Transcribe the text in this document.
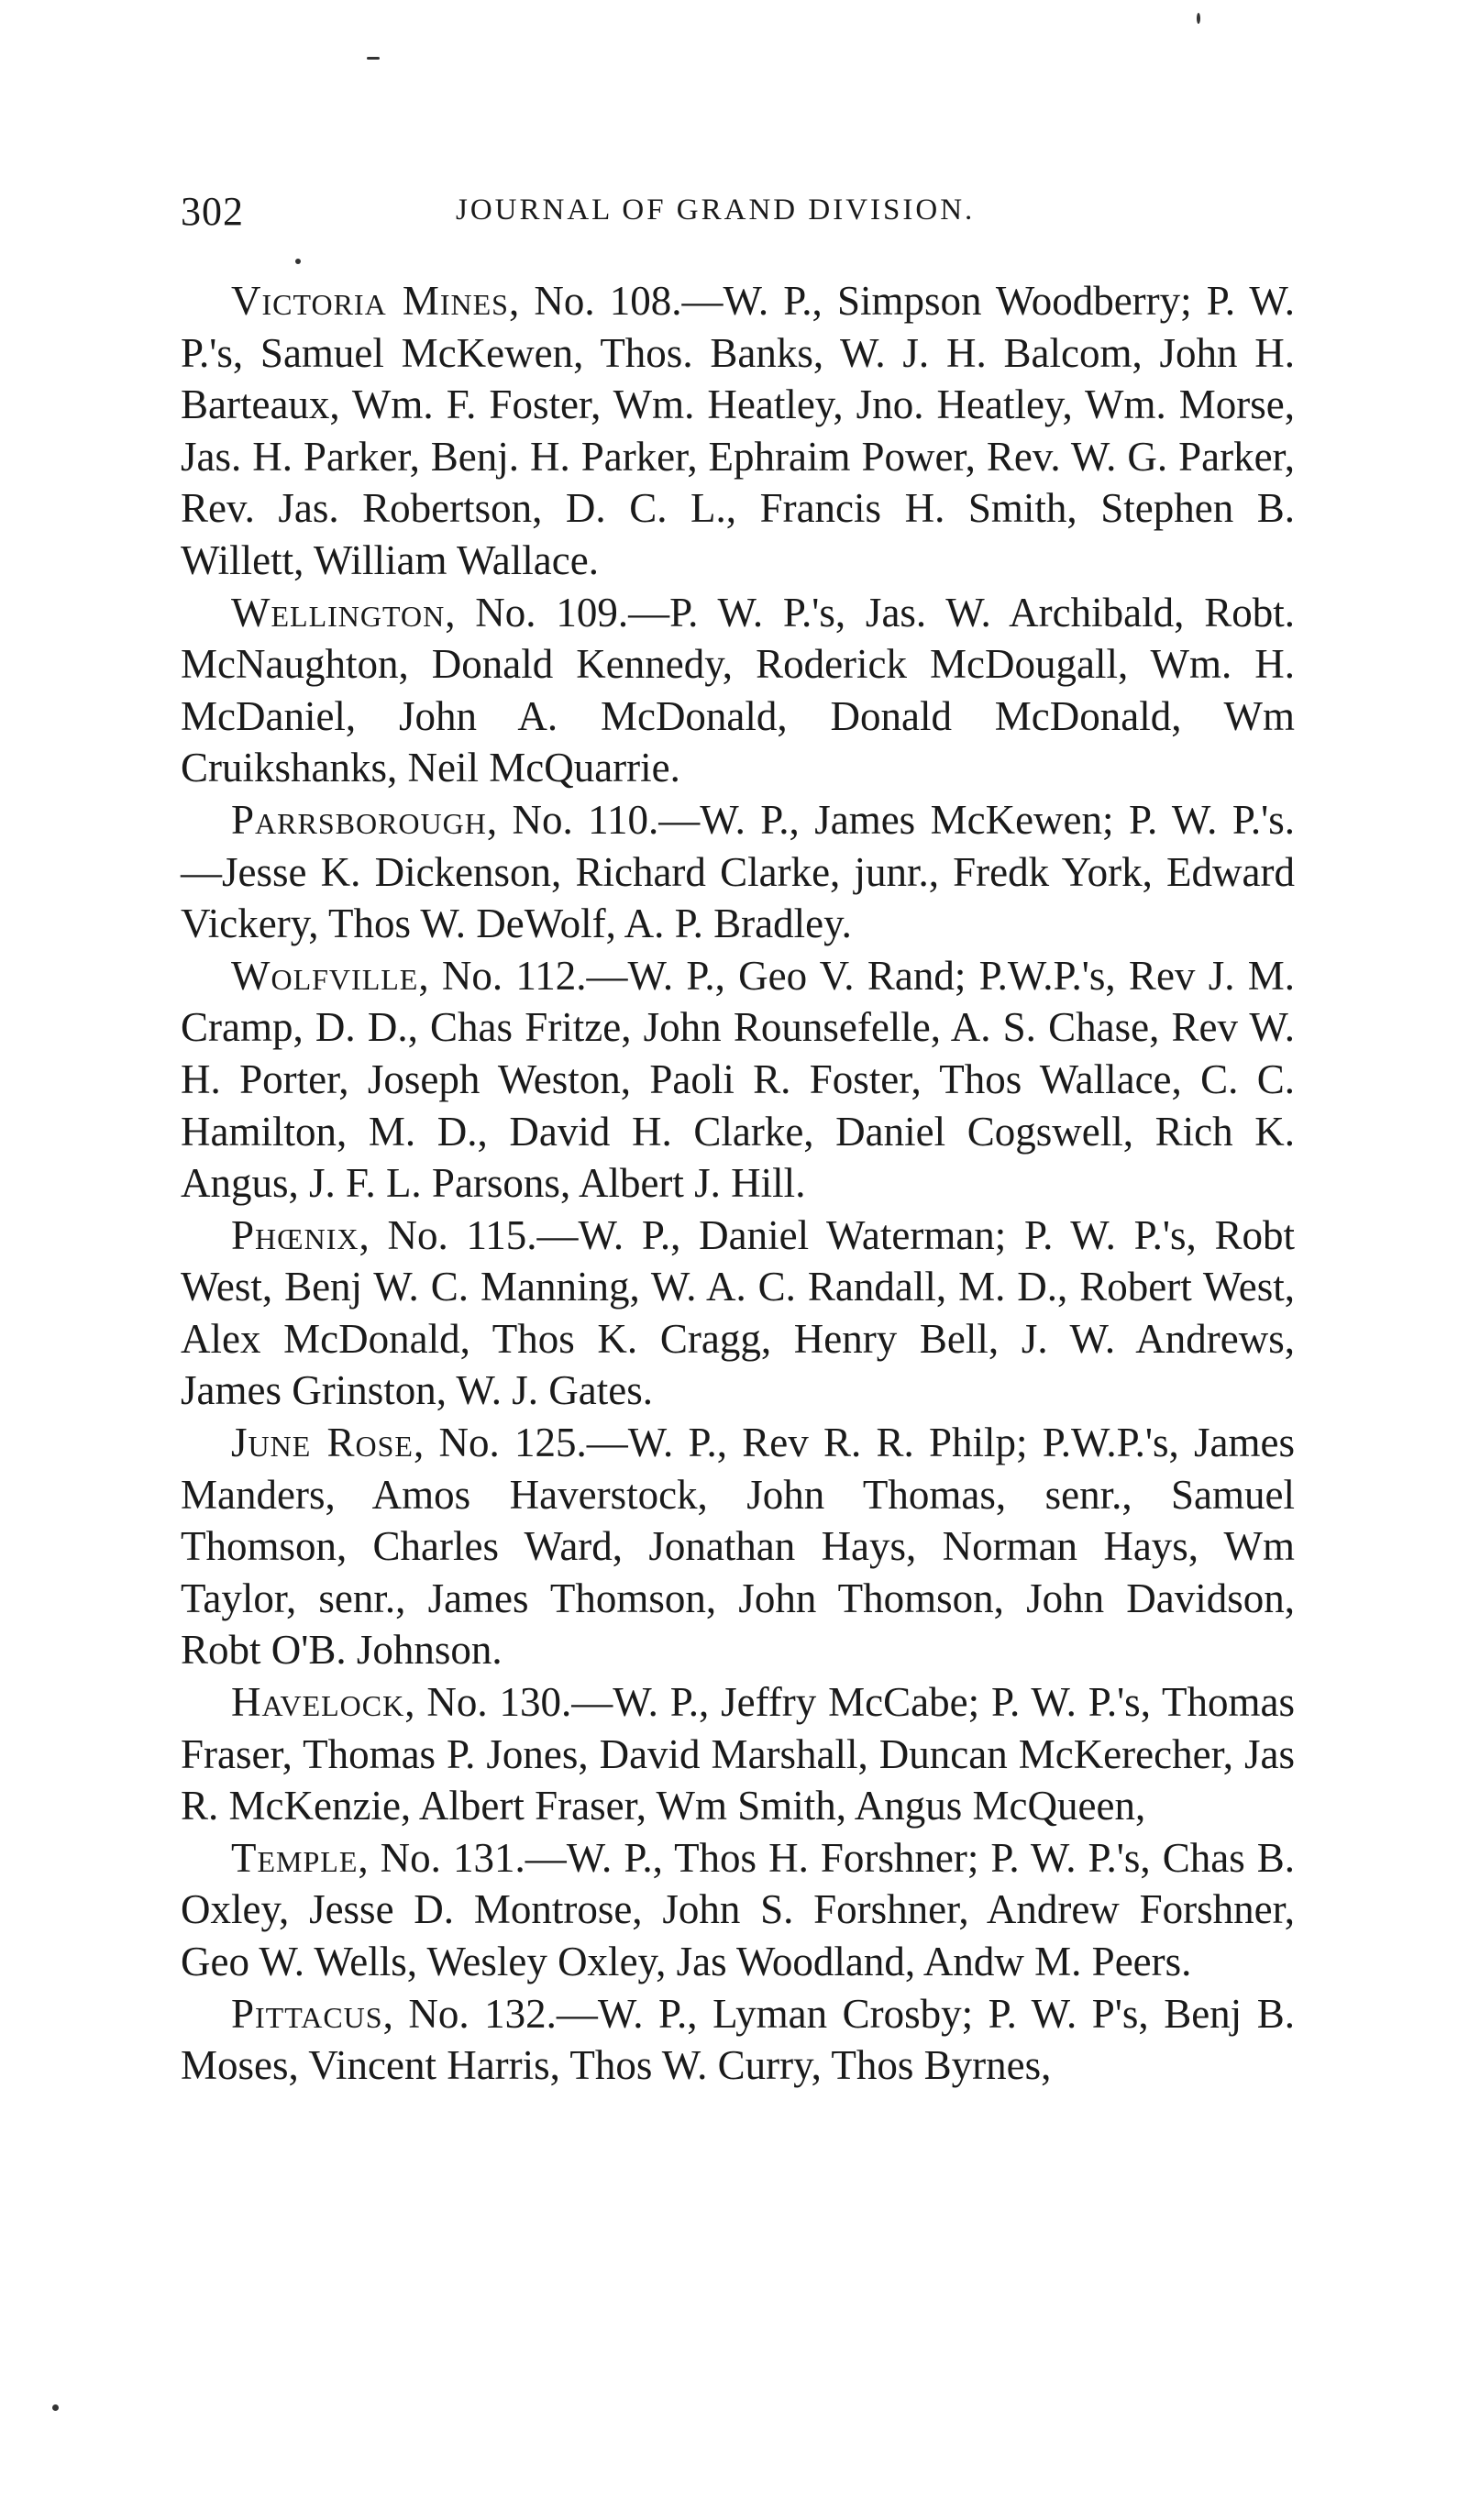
302	JOURNAL OF GRAND DIVISION.

Victoria Mines, No. 108.—W. P., Simpson Woodberry; P. W. P.'s, Samuel McKewen, Thos. Banks, W. J. H. Balcom, John H. Barteaux, Wm. F. Foster, Wm. Heatley, Jno. Heatley, Wm. Morse, Jas. H. Parker, Benj. H. Parker, Ephraim Power, Rev. W. G. Parker, Rev. Jas. Robertson, D. C. L., Francis H. Smith, Stephen B. Willett, William Wallace.

Wellington, No. 109.—P. W. P.'s, Jas. W. Archibald, Robt. McNaughton, Donald Kennedy, Roderick McDougall, Wm. H. McDaniel, John A. McDonald, Donald McDonald, Wm Cruikshanks, Neil McQuarrie.

Parrsborough, No. 110.—W. P., James McKewen; P. W. P.'s.—Jesse K. Dickenson, Richard Clarke, junr., Fredk York, Edward Vickery, Thos W. DeWolf, A. P. Bradley.

Wolfville, No. 112.—W. P., Geo V. Rand; P.W.P.'s, Rev J. M. Cramp, D. D., Chas Fritze, John Rounsefelle, A. S. Chase, Rev W. H. Porter, Joseph Weston, Paoli R. Foster, Thos Wallace, C. C. Hamilton, M. D., David H. Clarke, Daniel Cogswell, Rich K. Angus, J. F. L. Parsons, Albert J. Hill.

Phœnix, No. 115.—W. P., Daniel Waterman; P. W. P.'s, Robt West, Benj W. C. Manning, W. A. C. Randall, M. D., Robert West, Alex McDonald, Thos K. Cragg, Henry Bell, J. W. Andrews, James Grinston, W. J. Gates.

June Rose, No. 125.—W. P., Rev R. R. Philp; P.W.P.'s, James Manders, Amos Haverstock, John Thomas, senr., Samuel Thomson, Charles Ward, Jonathan Hays, Norman Hays, Wm Taylor, senr., James Thomson, John Thomson, John Davidson, Robt O'B. Johnson.

Havelock, No. 130.—W. P., Jeffry McCabe; P. W. P.'s, Thomas Fraser, Thomas P. Jones, David Marshall, Duncan McKerecher, Jas R. McKenzie, Albert Fraser, Wm Smith, Angus McQueen,

Temple, No. 131.—W. P., Thos H. Forshner; P. W. P.'s, Chas B. Oxley, Jesse D. Montrose, John S. Forshner, Andrew Forshner, Geo W. Wells, Wesley Oxley, Jas Woodland, Andw M. Peers.

Pittacus, No. 132.—W. P., Lyman Crosby; P. W. P's, Benj B. Moses, Vincent Harris, Thos W. Curry, Thos Byrnes,
